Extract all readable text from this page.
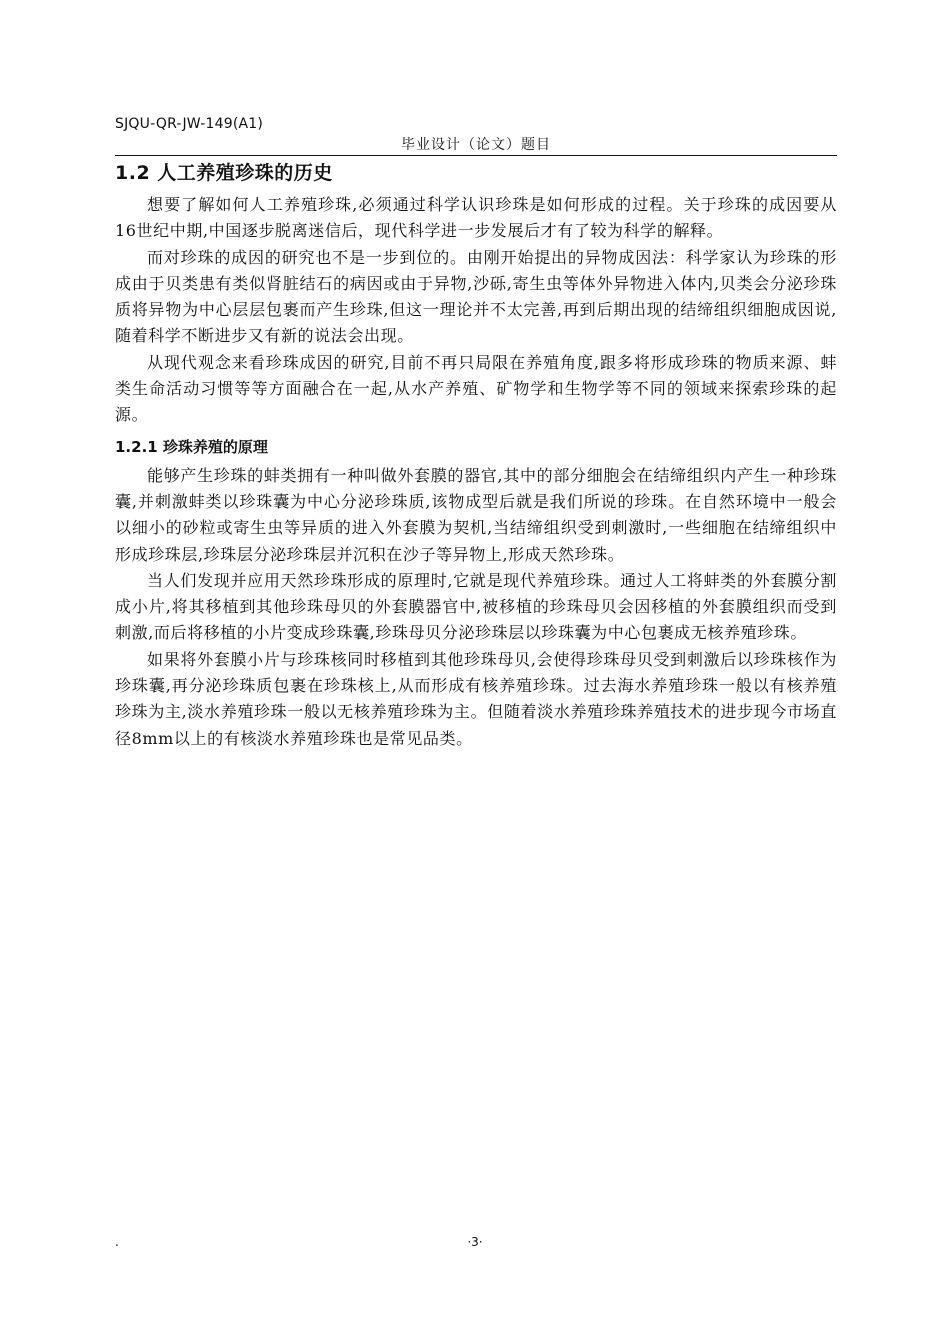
SJQU-QR-JW-149(A1)
毕业设计（论文）题目
1.2 人工养殖珍珠的历史

想要了解如何人工养殖珍珠,必须通过科学认识珍珠是如何形成的过程。关于珍珠的成因要从16世纪中期,中国逐步脱离迷信后，现代科学进一步发展后才有了较为科学的解释。

而对珍珠的成因的研究也不是一步到位的。由刚开始提出的异物成因法：科学家认为珍珠的形成由于贝类患有类似肾脏结石的病因或由于异物,沙砾,寄生虫等体外异物进入体内,贝类会分泌珍珠质将异物为中心层层包裹而产生珍珠,但这一理论并不太完善,再到后期出现的结缔组织细胞成因说,随着科学不断进步又有新的说法会出现。

从现代观念来看珍珠成因的研究,目前不再只局限在养殖角度,跟多将形成珍珠的物质来源、蚌类生命活动习惯等等方面融合在一起,从水产养殖、矿物学和生物学等不同的领域来探索珍珠的起源。

1.2.1 珍珠养殖的原理

能够产生珍珠的蚌类拥有一种叫做外套膜的器官,其中的部分细胞会在结缔组织内产生一种珍珠囊,并刺激蚌类以珍珠囊为中心分泌珍珠质,该物成型后就是我们所说的珍珠。在自然环境中一般会以细小的砂粒或寄生虫等异质的进入外套膜为契机,当结缔组织受到刺激时,一些细胞在结缔组织中形成珍珠层,珍珠层分泌珍珠层并沉积在沙子等异物上,形成天然珍珠。

当人们发现并应用天然珍珠形成的原理时,它就是现代养殖珍珠。通过人工将蚌类的外套膜分割成小片,将其移植到其他珍珠母贝的外套膜器官中,被移植的珍珠母贝会因移植的外套膜组织而受到刺激,而后将移植的小片变成珍珠囊,珍珠母贝分泌珍珠层以珍珠囊为中心包裹成无核养殖珍珠。

如果将外套膜小片与珍珠核同时移植到其他珍珠母贝,会使得珍珠母贝受到刺激后以珍珠核作为珍珠囊,再分泌珍珠质包裹在珍珠核上,从而形成有核养殖珍珠。过去海水养殖珍珠一般以有核养殖珍珠为主,淡水养殖珍珠一般以无核养殖珍珠为主。但随着淡水养殖珍珠养殖技术的进步现今市场直径8mm以上的有核淡水养殖珍珠也是常见品类。

.	·3·
